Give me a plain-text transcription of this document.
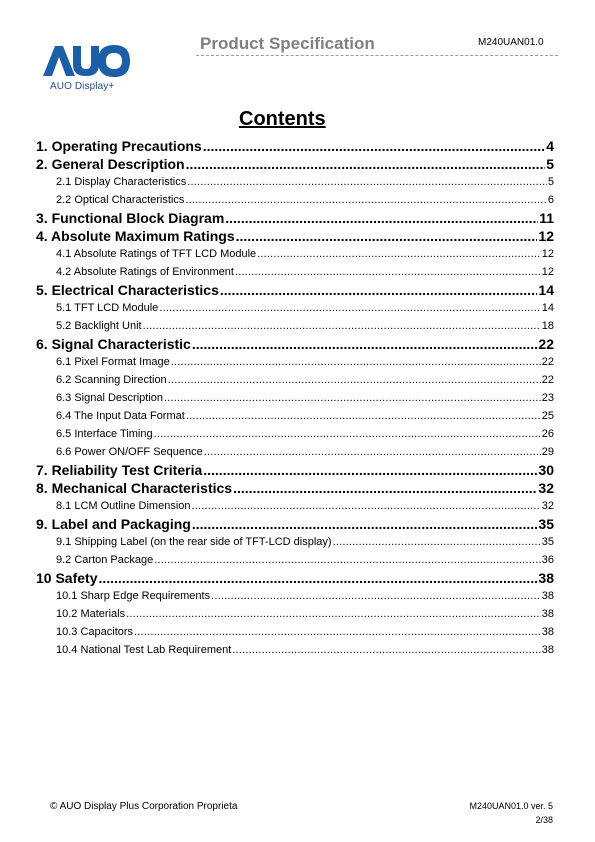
AUO Display+
Product Specification	M240UAN01.0
Contents
1. Operating Precautions .....	4
2. General Description .....	5
2.1 Display Characteristics .....	5
2.2 Optical Characteristics .....	6
3. Functional Block Diagram .....	11
4. Absolute Maximum Ratings .....	12
4.1 Absolute Ratings of TFT LCD Module .....	12
4.2 Absolute Ratings of Environment .....	12
5. Electrical Characteristics .....	14
5.1 TFT LCD Module .....	14
5.2 Backlight Unit .....	18
6. Signal Characteristic .....	22
6.1 Pixel Format Image .....	22
6.2 Scanning Direction .....	22
6.3 Signal Description .....	23
6.4 The Input Data Format .....	25
6.5 Interface Timing .....	26
6.6 Power ON/OFF Sequence .....	29
7. Reliability Test Criteria .....	30
8. Mechanical Characteristics .....	32
8.1 LCM Outline Dimension .....	32
9. Label and Packaging .....	35
9.1 Shipping Label (on the rear side of TFT-LCD display) .....	35
9.2 Carton Package .....	36
10 Safety .....	38
10.1 Sharp Edge Requirements .....	38
10.2 Materials .....	38
10.3 Capacitors .....	38
10.4 National Test Lab Requirement .....	38
© AUO Display Plus Corporation Proprieta	M240UAN01.0 ver. 5
2/38
